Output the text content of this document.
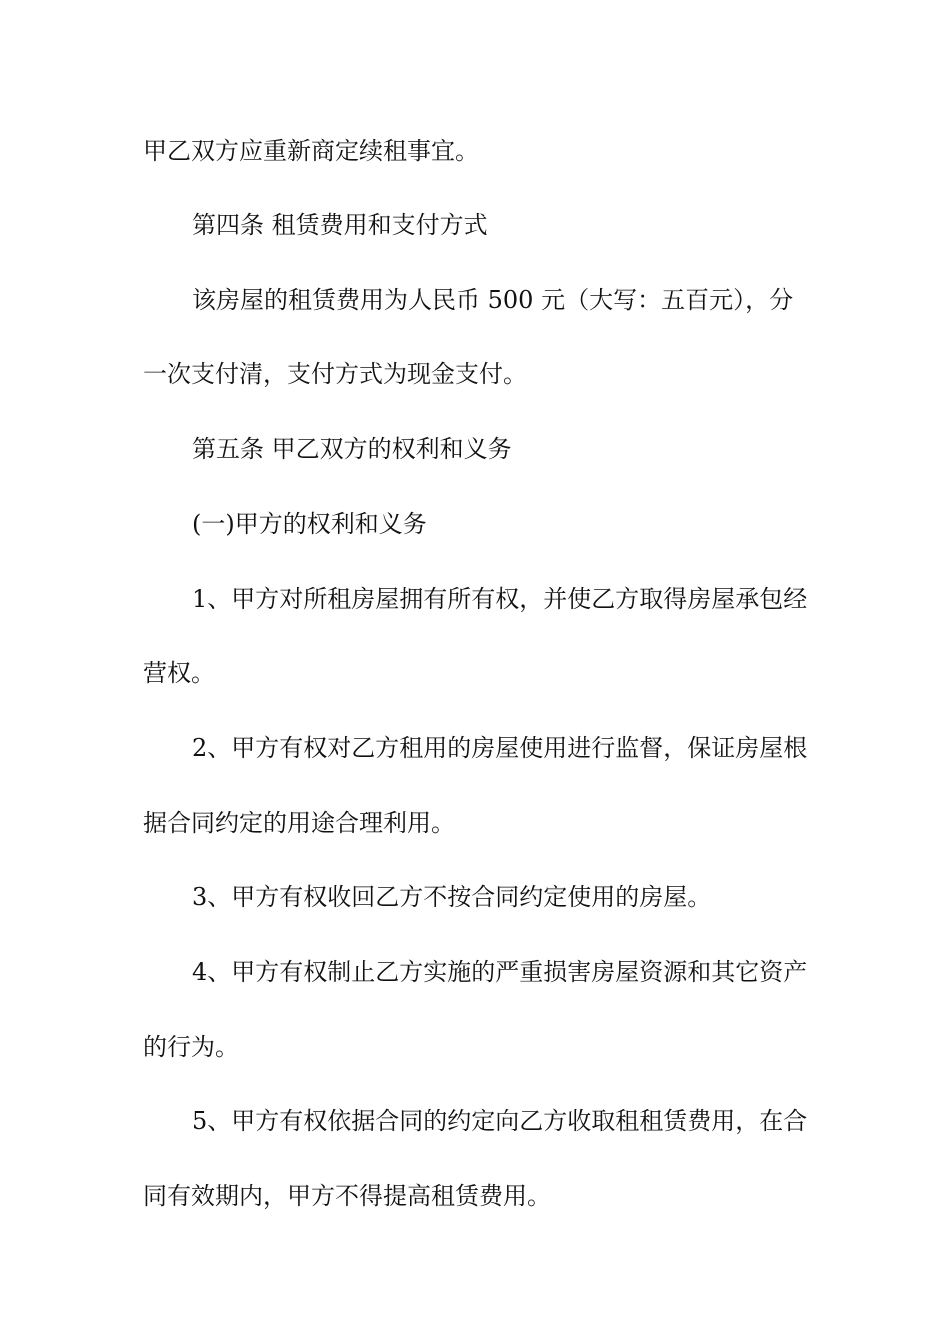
甲乙双方应重新商定续租事宜。
第四条 租赁费用和支付方式
该房屋的租赁费用为人民币 500 元（大写：五百元），分
一次支付清，支付方式为现金支付。
第五条 甲乙双方的权利和义务
(一)甲方的权利和义务
1、甲方对所租房屋拥有所有权，并使乙方取得房屋承包经
营权。
2、甲方有权对乙方租用的房屋使用进行监督，保证房屋根
据合同约定的用途合理利用。
3、甲方有权收回乙方不按合同约定使用的房屋。
4、甲方有权制止乙方实施的严重损害房屋资源和其它资产
的行为。
5、甲方有权依据合同的约定向乙方收取租租赁费用，在合
同有效期内，甲方不得提高租赁费用。
